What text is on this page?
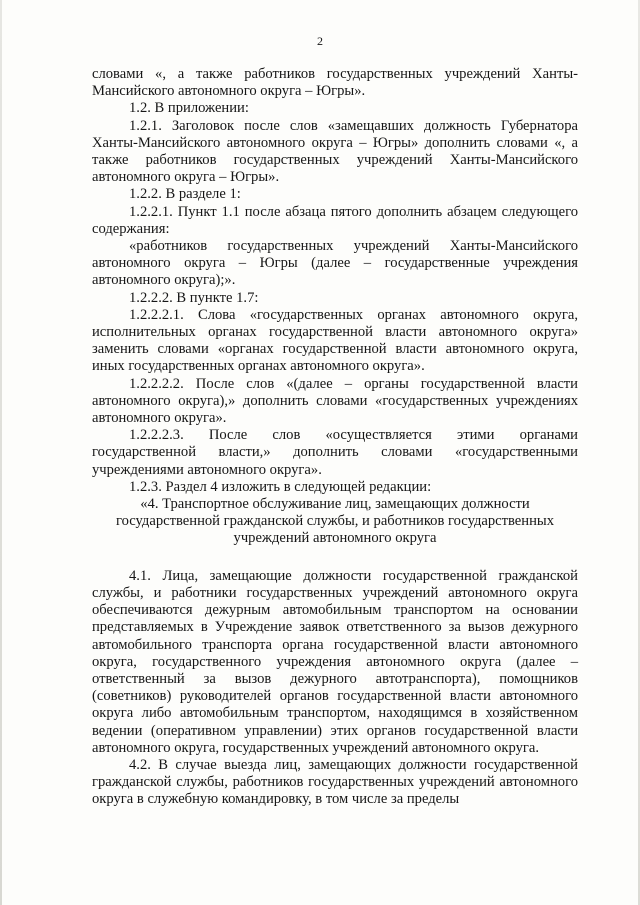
2

словами «, а также работников государственных учреждений Ханты-Мансийского автономного округа – Югры».

1.2. В приложении:

1.2.1. Заголовок после слов «замещавших должность Губернатора Ханты-Мансийского автономного округа – Югры» дополнить словами «, а также работников государственных учреждений Ханты-Мансийского автономного округа – Югры».

1.2.2. В разделе 1:

1.2.2.1. Пункт 1.1 после абзаца пятого дополнить абзацем следующего содержания:

«работников государственных учреждений Ханты-Мансийского автономного округа – Югры (далее – государственные учреждения автономного округа);».

1.2.2.2. В пункте 1.7:

1.2.2.2.1. Слова «государственных органах автономного округа, исполнительных органах государственной власти автономного округа» заменить словами «органах государственной власти автономного округа, иных государственных органах автономного округа».

1.2.2.2.2. После слов «(далее – органы государственной власти автономного округа),» дополнить словами «государственных учреждениях автономного округа».

1.2.2.2.3. После слов «осуществляется этими органами государственной власти,» дополнить словами «государственными учреждениями автономного округа».

1.2.3. Раздел 4 изложить в следующей редакции:

«4. Транспортное обслуживание лиц, замещающих должности государственной гражданской службы, и работников государственных учреждений автономного округа

4.1. Лица, замещающие должности государственной гражданской службы, и работники государственных учреждений автономного округа обеспечиваются дежурным автомобильным транспортом на основании представляемых в Учреждение заявок ответственного за вызов дежурного автомобильного транспорта органа государственной власти автономного округа, государственного учреждения автономного округа (далее – ответственный за вызов дежурного автотранспорта), помощников (советников) руководителей органов государственной власти автономного округа либо автомобильным транспортом, находящимся в хозяйственном ведении (оперативном управлении) этих органов государственной власти автономного округа, государственных учреждений автономного округа.

4.2. В случае выезда лиц, замещающих должности государственной гражданской службы, работников государственных учреждений автономного округа в служебную командировку, в том числе за пределы
